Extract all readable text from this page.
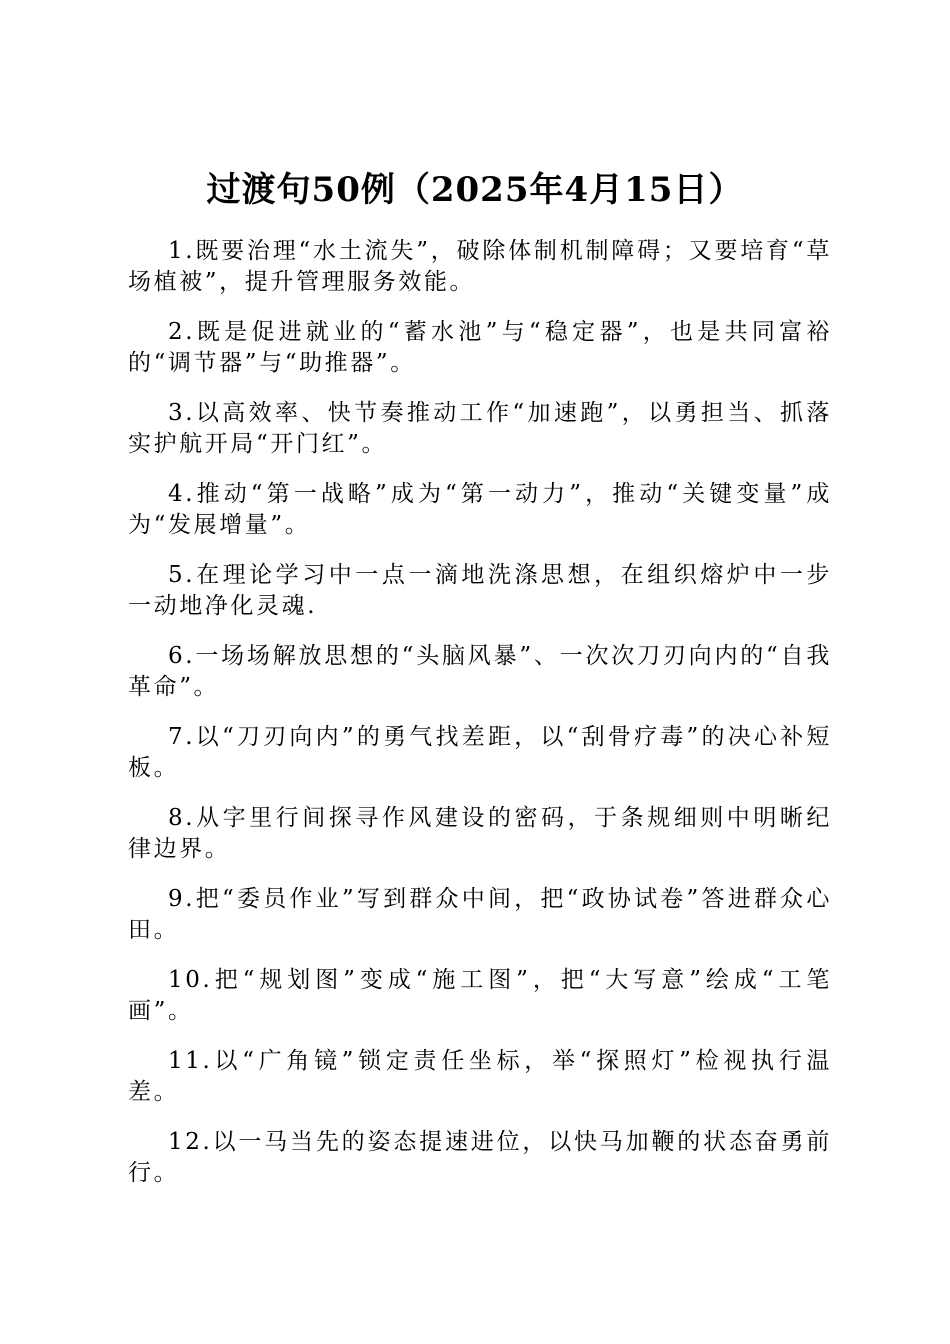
过渡句50例（2025年4月15日）
1.既要治理“水土流失”，破除体制机制障碍；又要培育“草场植被”，提升管理服务效能。
2.既是促进就业的“蓄水池”与“稳定器”，也是共同富裕的“调节器”与“助推器”。
3.以高效率、快节奏推动工作“加速跑”，以勇担当、抓落实护航开局“开门红”。
4.推动“第一战略”成为“第一动力”，推动“关键变量”成为“发展增量”。
5.在理论学习中一点一滴地洗涤思想，在组织熔炉中一步一动地净化灵魂.
6.一场场解放思想的“头脑风暴”、一次次刀刃向内的“自我革命”。
7.以“刀刃向内”的勇气找差距，以“刮骨疗毒”的决心补短板。
8.从字里行间探寻作风建设的密码，于条规细则中明晰纪律边界。
9.把“委员作业”写到群众中间，把“政协试卷”答进群众心田。
10.把“规划图”变成“施工图”，把“大写意”绘成“工笔画”。
11.以“广角镜”锁定责任坐标，举“探照灯”检视执行温差。
12.以一马当先的姿态提速进位，以快马加鞭的状态奋勇前行。
